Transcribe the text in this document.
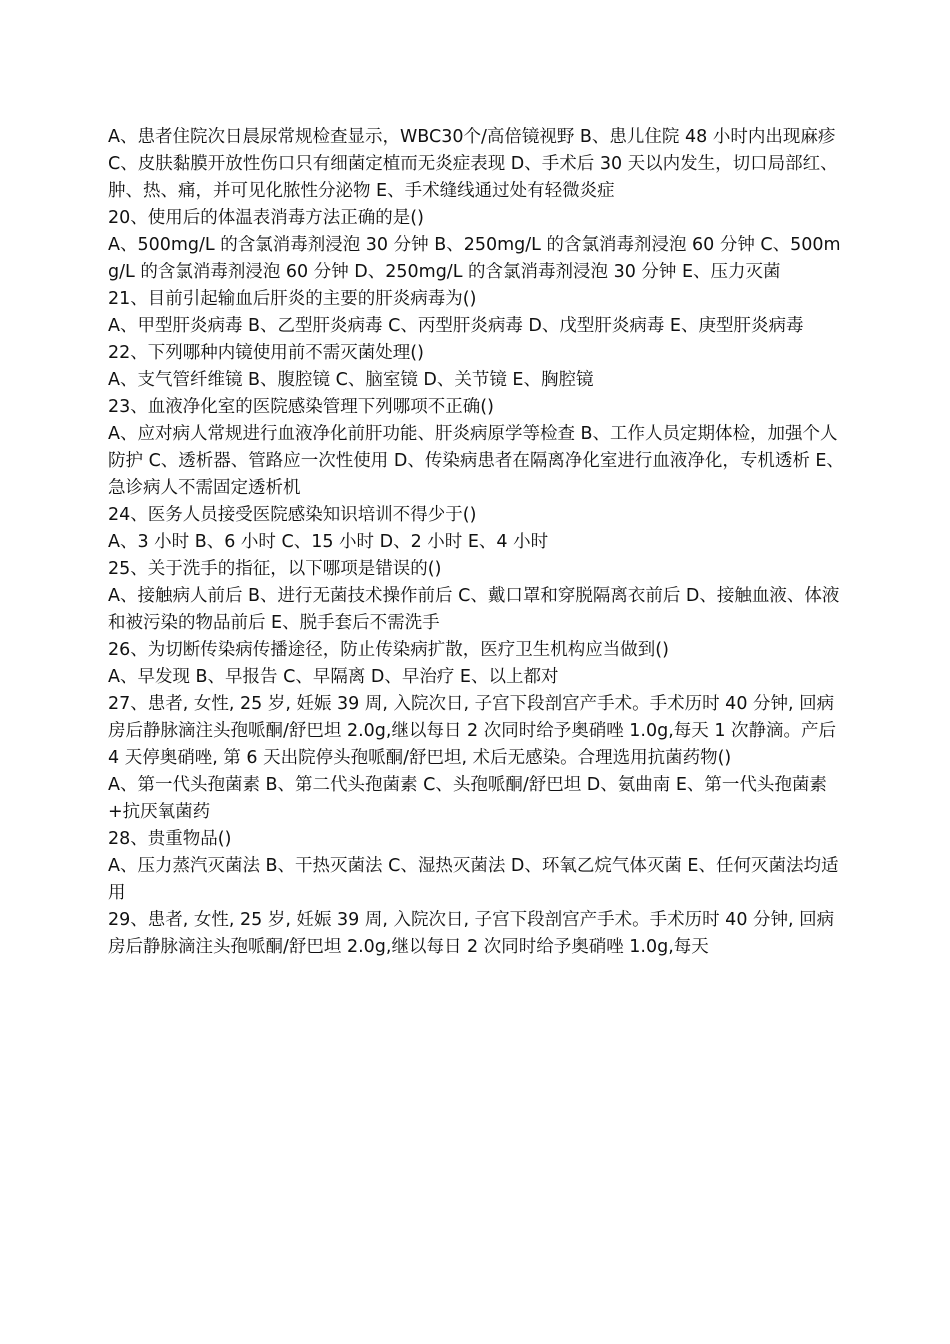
A、患者住院次日晨尿常规检查显示，WBC30个/高倍镜视野 B、患儿住院 48 小时内出现麻疹 C、皮肤黏膜开放性伤口只有细菌定植而无炎症表现 D、手术后 30 天以内发生，切口局部红、肿、热、痛，并可见化脓性分泌物 E、手术缝线通过处有轻微炎症

20、使用后的体温表消毒方法正确的是()

A、500mg/L 的含氯消毒剂浸泡 30 分钟 B、250mg/L 的含氯消毒剂浸泡 60 分钟 C、500mg/L 的含氯消毒剂浸泡 60 分钟 D、250mg/L 的含氯消毒剂浸泡 30 分钟 E、压力灭菌

21、目前引起输血后肝炎的主要的肝炎病毒为()

A、甲型肝炎病毒 B、乙型肝炎病毒 C、丙型肝炎病毒 D、戊型肝炎病毒 E、庚型肝炎病毒

22、下列哪种内镜使用前不需灭菌处理()

A、支气管纤维镜 B、腹腔镜 C、脑室镜 D、关节镜 E、胸腔镜

23、血液净化室的医院感染管理下列哪项不正确()

A、应对病人常规进行血液净化前肝功能、肝炎病原学等检查 B、工作人员定期体检，加强个人防护 C、透析器、管路应一次性使用 D、传染病患者在隔离净化室进行血液净化，专机透析 E、急诊病人不需固定透析机

24、医务人员接受医院感染知识培训不得少于()

A、3 小时 B、6 小时 C、15 小时 D、2 小时 E、4 小时

25、关于洗手的指征，以下哪项是错误的()

A、接触病人前后 B、进行无菌技术操作前后 C、戴口罩和穿脱隔离衣前后 D、接触血液、体液和被污染的物品前后 E、脱手套后不需洗手

26、为切断传染病传播途径，防止传染病扩散，医疗卫生机构应当做到()

A、早发现 B、早报告 C、早隔离 D、早治疗 E、以上都对

27、患者, 女性, 25 岁, 妊娠 39 周, 入院次日, 子宫下段剖宫产手术。手术历时 40 分钟, 回病房后静脉滴注头孢哌酮/舒巴坦 2.0g,继以每日 2 次同时给予奥硝唑 1.0g,每天 1 次静滴。产后 4 天停奥硝唑, 第 6 天出院停头孢哌酮/舒巴坦, 术后无感染。合理选用抗菌药物()

A、第一代头孢菌素 B、第二代头孢菌素 C、头孢哌酮/舒巴坦 D、氨曲南 E、第一代头孢菌素+抗厌氧菌药

28、贵重物品()

A、压力蒸汽灭菌法 B、干热灭菌法 C、湿热灭菌法 D、环氧乙烷气体灭菌 E、任何灭菌法均适用

29、患者, 女性, 25 岁, 妊娠 39 周, 入院次日, 子宫下段剖宫产手术。手术历时 40 分钟, 回病房后静脉滴注头孢哌酮/舒巴坦 2.0g,继以每日 2 次同时给予奥硝唑 1.0g,每天
